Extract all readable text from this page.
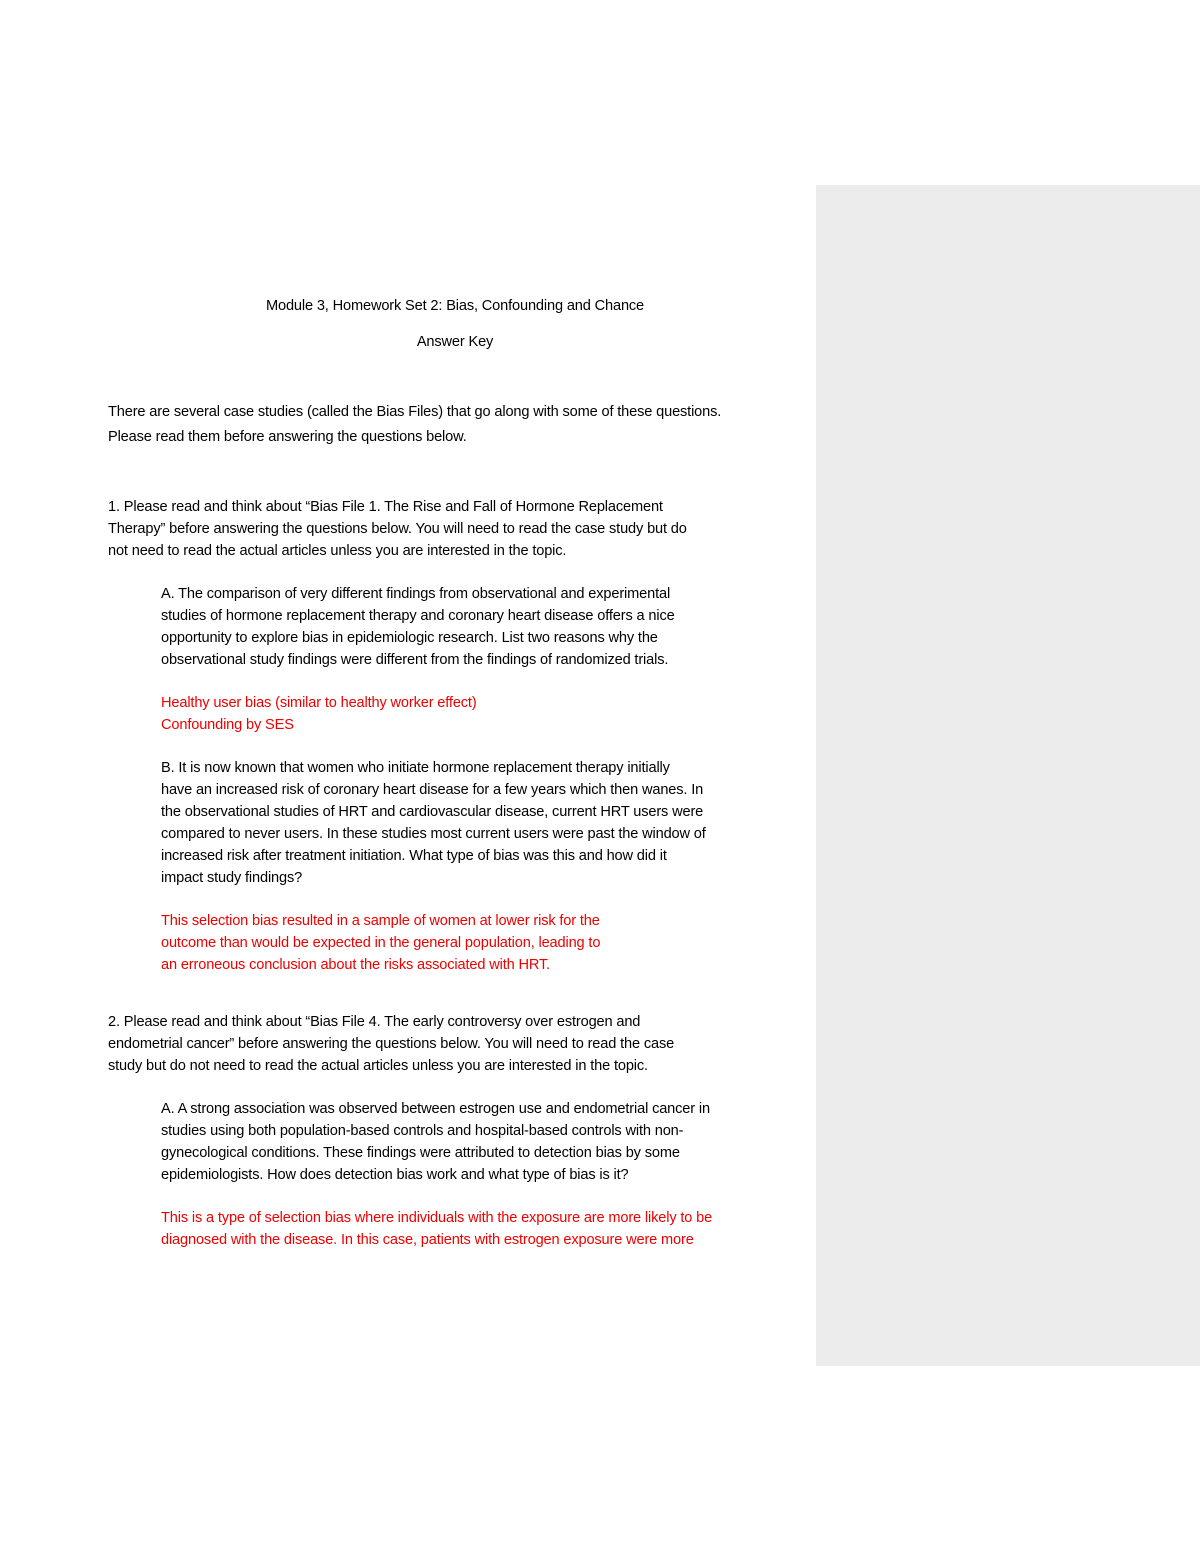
Module 3, Homework Set 2: Bias, Confounding and Chance
Answer Key
There are several case studies (called the Bias Files) that go along with some of these questions.
Please read them before answering the questions below.
1. Please read and think about “Bias File 1. The Rise and Fall of Hormone Replacement
Therapy” before answering the questions below. You will need to read the case study but do
not need to read the actual articles unless you are interested in the topic.
A. The comparison of very different findings from observational and experimental
studies of hormone replacement therapy and coronary heart disease offers a nice
opportunity to explore bias in epidemiologic research. List two reasons why the
observational study findings were different from the findings of randomized trials.
Healthy user bias (similar to healthy worker effect)
Confounding by SES
B. It is now known that women who initiate hormone replacement therapy initially
have an increased risk of coronary heart disease for a few years which then wanes. In
the observational studies of HRT and cardiovascular disease, current HRT users were
compared to never users. In these studies most current users were past the window of
increased risk after treatment initiation. What type of bias was this and how did it
impact study findings?
This selection bias resulted in a sample of women at lower risk for the
outcome than would be expected in the general population, leading to
an erroneous conclusion about the risks associated with HRT.
2. Please read and think about “Bias File 4. The early controversy over estrogen and
endometrial cancer” before answering the questions below. You will need to read the case
study but do not need to read the actual articles unless you are interested in the topic.
A. A strong association was observed between estrogen use and endometrial cancer in
studies using both population-based controls and hospital-based controls with non-
gynecological conditions. These findings were attributed to detection bias by some
epidemiologists. How does detection bias work and what type of bias is it?
This is a type of selection bias where individuals with the exposure are more likely to be
diagnosed with the disease. In this case, patients with estrogen exposure were more
